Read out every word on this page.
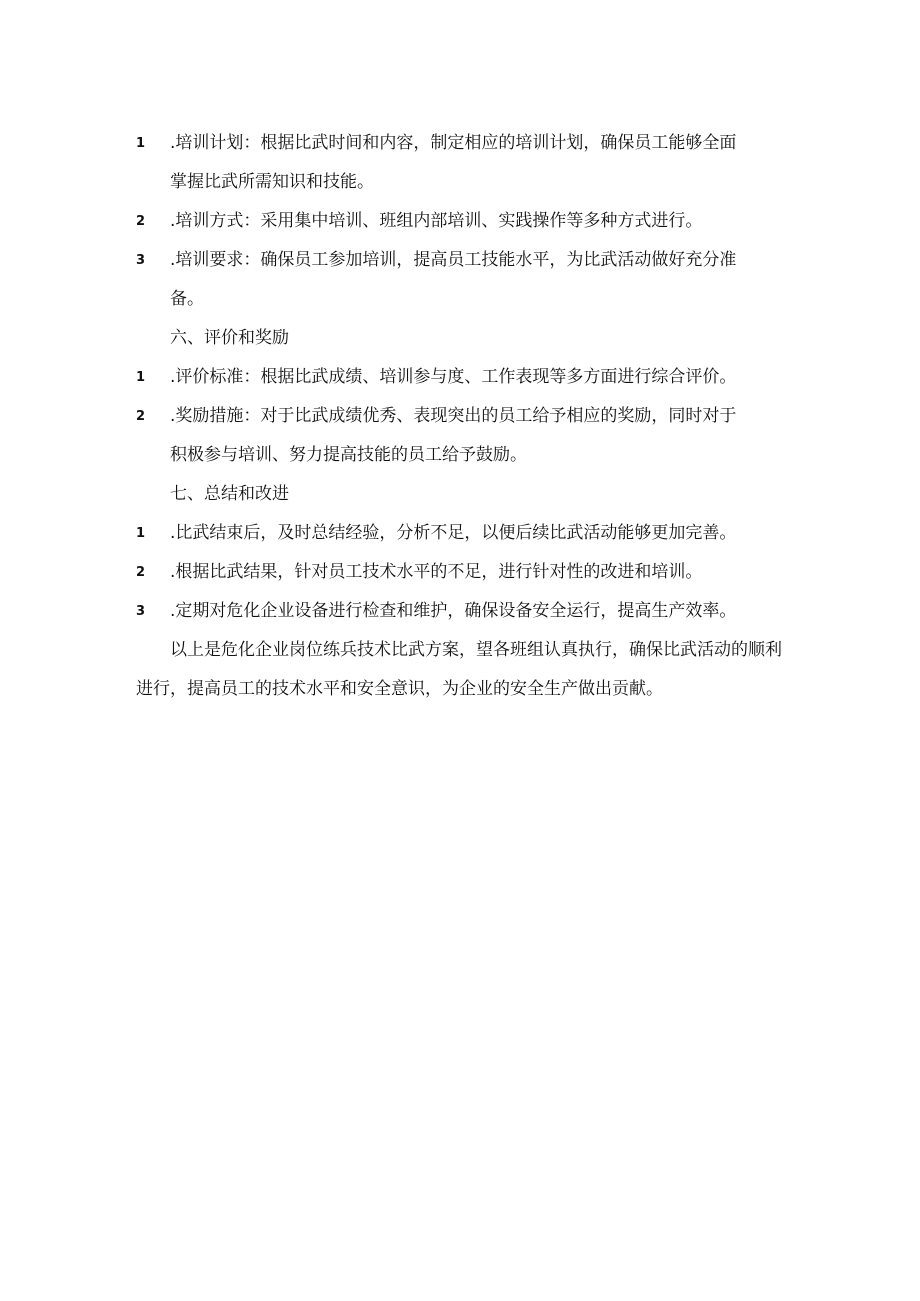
1 .培训计划：根据比武时间和内容，制定相应的培训计划，确保员工能够全面
掌握比武所需知识和技能。
2 .培训方式：采用集中培训、班组内部培训、实践操作等多种方式进行。
3 .培训要求：确保员工参加培训，提高员工技能水平，为比武活动做好充分准
备。
六、评价和奖励
1 .评价标准：根据比武成绩、培训参与度、工作表现等多方面进行综合评价。
2 .奖励措施：对于比武成绩优秀、表现突出的员工给予相应的奖励，同时对于
积极参与培训、努力提高技能的员工给予鼓励。
七、总结和改进
1 .比武结束后，及时总结经验，分析不足，以便后续比武活动能够更加完善。
2 .根据比武结果，针对员工技术水平的不足，进行针对性的改进和培训。
3 .定期对危化企业设备进行检查和维护，确保设备安全运行，提高生产效率。
以上是危化企业岗位练兵技术比武方案，望各班组认真执行，确保比武活动的顺利进行，提高员工的技术水平和安全意识，为企业的安全生产做出贡献。
